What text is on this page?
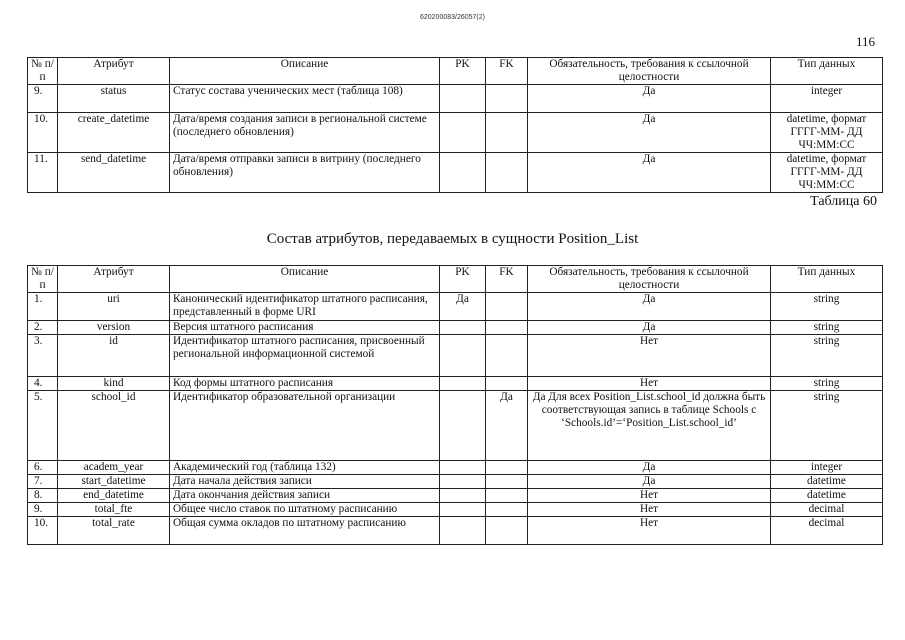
620200083/26057(2)
116
№ п/п	Атрибут	Описание	PK	FK	Обязательность, требования к ссылочной целостности	Тип данных
9.	status	Статус состава ученических мест (таблица 108)			Да	integer
10.	create_datetime	Дата/время создания записи в региональной системе (последнего обновления)			Да	datetime, формат ГГГГ-ММ- ДД ЧЧ:ММ:СС
11.	send_datetime	Дата/время отправки записи в витрину (последнего обновления)			Да	datetime, формат ГГГГ-ММ- ДД ЧЧ:ММ:СС
Таблица 60
Состав атрибутов, передаваемых в сущности Position_List
№ п/п	Атрибут	Описание	PK	FK	Обязательность, требования к ссылочной целостности	Тип данных
1.	uri	Канонический идентификатор штатного расписания, представленный в форме URI	Да		Да	string
2.	version	Версия штатного расписания			Да	string
3.	id	Идентификатор штатного расписания, присвоенный региональной информационной системой			Нет	string
4.	kind	Код формы штатного расписания			Нет	string
5.	school_id	Идентификатор образовательной организации		Да	Да Для всех Position_List.school_id должна быть соответствующая запись в таблице Schools с ‘Schools.id’=‘Position_List.school_id’	string
6.	academ_year	Академический год (таблица 132)			Да	integer
7.	start_datetime	Дата начала действия записи			Да	datetime
8.	end_datetime	Дата окончания действия записи			Нет	datetime
9.	total_fte	Общее число ставок по штатному расписанию			Нет	decimal
10.	total_rate	Общая сумма окладов по штатному расписанию			Нет	decimal
